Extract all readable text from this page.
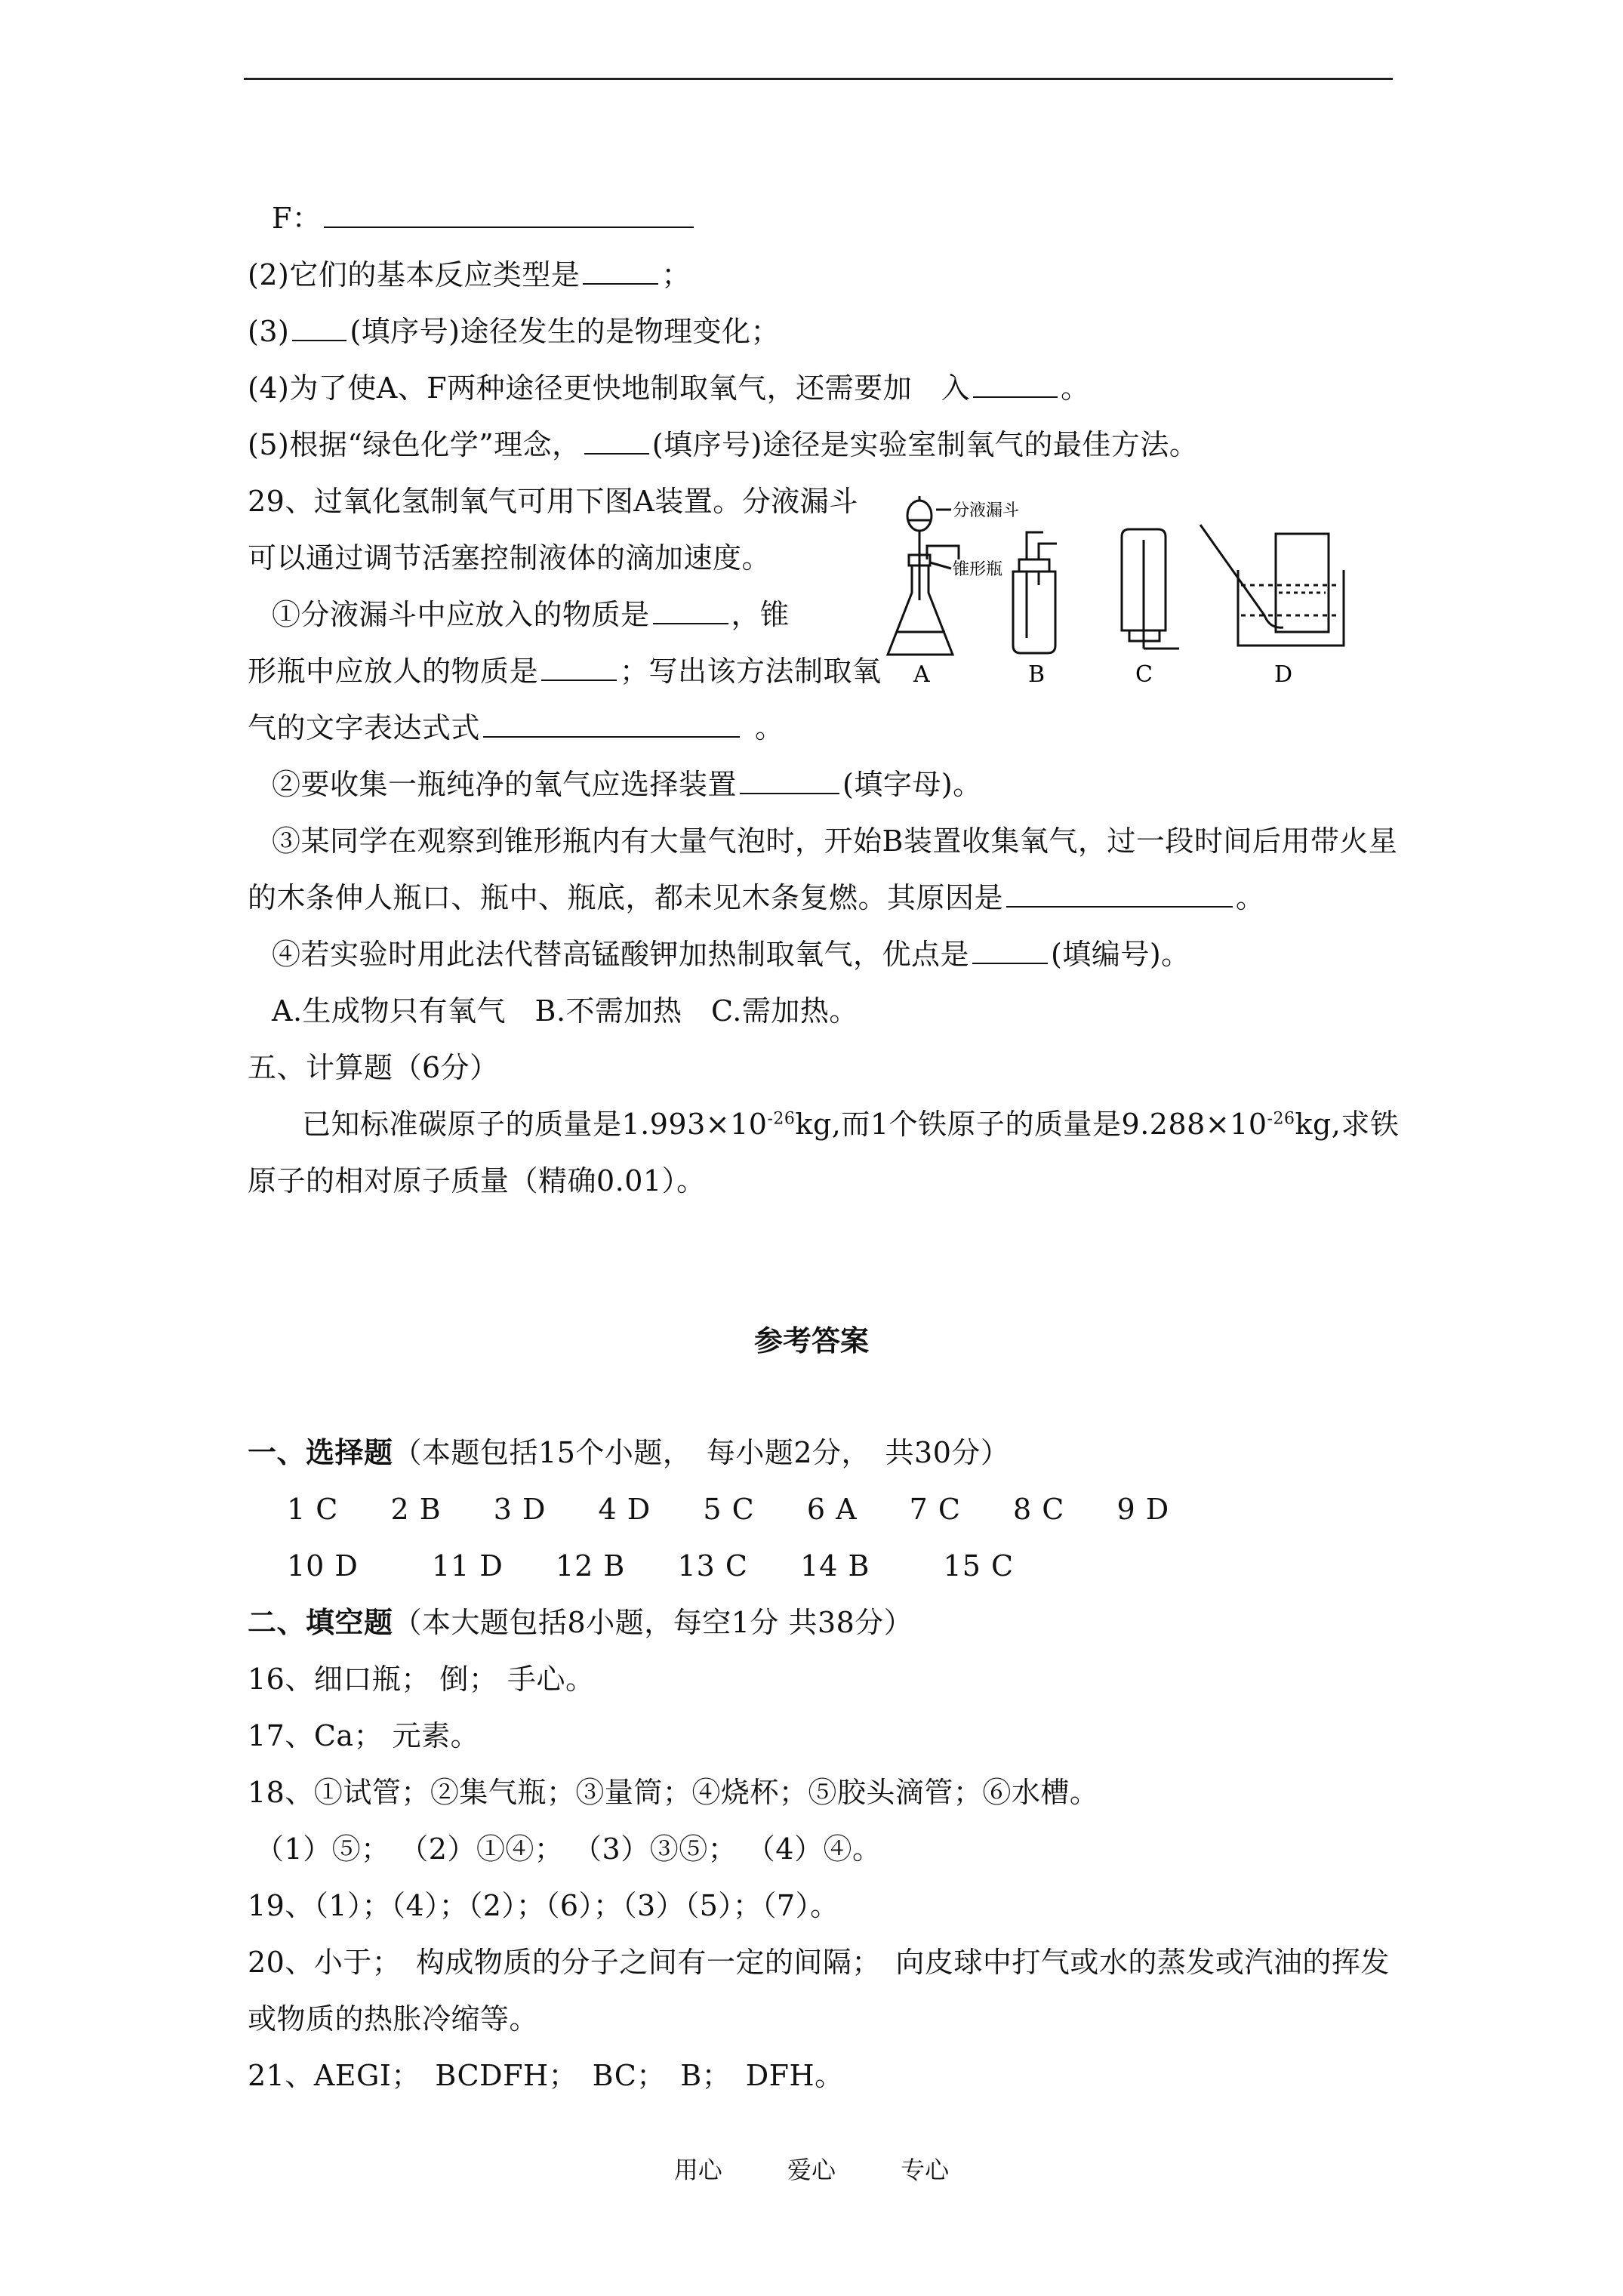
F：
(2)它们的基本反应类型是	；
(3) (填序号)途径发生的是物理变化；
(4)为了使A、F两种途径更快地制取氧气，还需要加　入	。
(5)根据“绿色化学”理念， (填序号)途径是实验室制氧气的最佳方法。
29、过氧化氢制氧气可用下图A装置。分液漏斗
可以通过调节活塞控制液体的滴加速度。
①分液漏斗中应放入的物质是	，锥
形瓶中应放人的物质是	；写出该方法制取氧
气的文字表达式式	。
分液漏斗
锥形瓶
A	B	C	D
②要收集一瓶纯净的氧气应选择装置	(填字母)。
③某同学在观察到锥形瓶内有大量气泡时，开始B装置收集氧气，过一段时间后用带火星
的木条伸人瓶口、瓶中、瓶底，都未见木条复燃。其原因是	。
④若实验时用此法代替高锰酸钾加热制取氧气，优点是	(填编号)。
A.生成物只有氧气　B.不需加热　C.需加热。
五、计算题（6分）
已知标准碳原子的质量是$1.993\times 10^{-26}kg$,而1个铁原子的质量是$9.288\times 10^{-26}kg$,求铁
原子的相对原子质量（精确0.01）。
参考答案
一、选择题（本题包括15个小题，　每小题2分，　共30分）
1 C 2 B 3 D 4 D 5 C 6 A 7 C 8 C 9 D
10 D	11 D 12 B 13 C 14 B	15 C
二、填空题（本大题包括8小题，每空1分 共38分）
16、细口瓶； 倒； 手心。
17、Ca； 元素。
18、①试管；②集气瓶；③量筒；④烧杯；⑤胶头滴管；⑥水槽。
（1）⑤； （2）①④； （3）③⑤； （4）④。
19、（1）；（4）；（2）；（6）；（3）（5）；（7）。
20、小于；　构成物质的分子之间有一定的间隔；　向皮球中打气或水的蒸发或汽油的挥发
或物质的热胀冷缩等。
21、AEGI；　BCDFH；　BC；　B；　DFH。
用心	爱心	专心
